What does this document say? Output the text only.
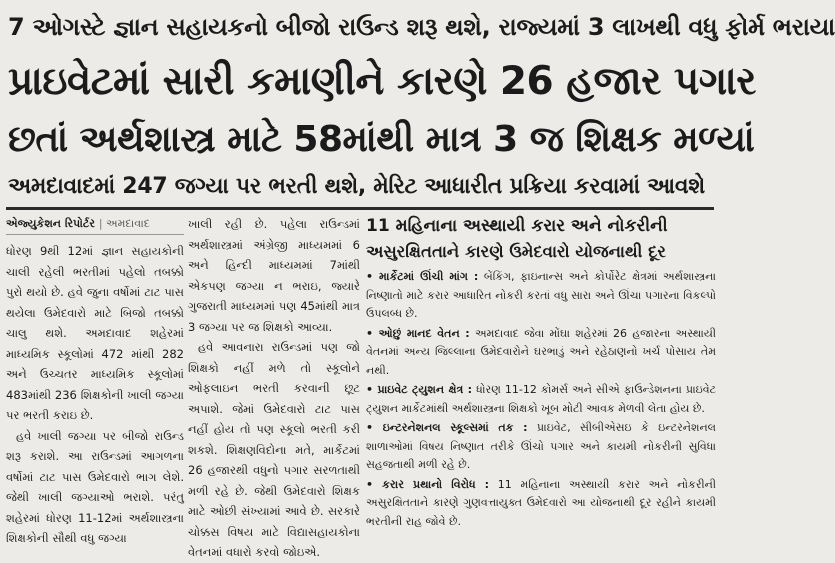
7 ઓગસ્ટે જ્ઞાન સહાયકનો બીજો રાઉન્ડ શરૂ થશે, રાજ્યમાં 3 લાખથી વધુ ફોર્મ ભરાયા
પ્રાઇવેટમાં સારી કમાણીને કારણે 26 હજાર પગાર
છતાં અર્થશાસ્ત્ર માટે 58માંથી માત્ર 3 જ શિક્ષક મળ્યાં
અમદાવાદમાં 247 જગ્યા પર ભરતી થશે, મેરિટ આધારીત પ્રક્રિયા કરવામાં આવશે
એજ્યુકેશન રિપોર્ટર | અમદાવાદ

ધોરણ 9થી 12માં જ્ઞાન સહાયકોની ચાલી રહેલી ભરતીમાં પહેલો તબક્કો પુરો થયો છે. હવે જુના વર્ષોમાં ટાટ પાસ થયેલા ઉમેદવારો માટે બિજો તબક્કો ચાલુ થશે. અમદાવાદ શહેરમાં માધ્યમિક સ્કૂલોમાં 472 માંથી 282 અને ઉચ્ચતર માધ્યમિક સ્કૂલોમાં 483માંથી 236 શિક્ષકોની ખાલી જગ્યા પર ભરતી કરાઇ છે.

હવે ખાલી જગ્યા પર બીજો રાઉન્ડ શરૂ કરાશે. આ રાઉન્ડમાં આગળના વર્ષોમાં ટાટ પાસ ઉમેદવારો ભાગ લેશે. જેથી ખાલી જગ્યાઓ ભરાશે. પરંતુ શહેરમાં ધોરણ 11-12માં અર્થશાસ્ત્રના શિક્ષકોની સૌથી વધુ જગ્યા

ખાલી રહી છે. પહેલા રાઉન્ડમાં અર્થશાસ્ત્રમાં અંગ્રેજી માધ્યમમાં 6 અને હિન્દી માધ્યમમાં 7માંથી એકપણ જગ્યા ન ભરાઇ, જ્યારે ગુજરાતી માધ્યમમાં પણ 45માંથી માત્ર 3 જગ્યા પર જ શિક્ષકો આવ્યા.

હવે આવનારા રાઉન્ડમાં પણ જો શિક્ષકો નહીં મળે તો સ્કૂલોને ઓફલાઇન ભરતી કરવાની છૂટ અપાશે. જેમાં ઉમેદવારો ટાટ પાસ નહીં હોય તો પણ સ્કૂલો ભરતી કરી શકશે. શિક્ષણવિદોના મતે, માર્કેટમાં 26 હજારથી વધુનો પગાર સરળતાથી મળી રહે છે. જેથી ઉમેદવારો શિક્ષક માટે ઓછી સંખ્યામાં આવે છે. સરકારે ચોક્કસ વિષય માટે વિદ્યાસહાયકોના વેતનમાં વધારો કરવો જોઇએ.

11 મહિનાના અસ્થાયી કરાર અને નોકરીની
અસુરક્ષિતતાને કારણે ઉમેદવારો યોજનાથી દૂર

• માર્કેટમાં ઊંચી માંગ : બેંકિંગ, ફાઇનાન્સ અને કોર્પોરેટ ક્ષેત્રમાં અર્થશાસ્ત્રના નિષ્ણાતો માટે કરાર આધારિત નોકરી કરતાં વધુ સારા અને ઊંચા પગારના વિકલ્પો ઉપલબ્ધ છે.

• ઓછું માનદ વેતન : અમદાવાદ જેવા મોંઘા શહેરમાં 26 હજારના અસ્થાયી વેતનમાં અન્ય જિલ્લાના ઉમેદવારોને ઘરભાડું અને રહેઠાણનો ખર્ચ પોસાય તેમ નથી.

• પ્રાઇવેટ ટ્યુશન ક્ષેત્ર : ધોરણ 11-12 કોમર્સ અને સીએ ફાઉન્ડેશનના પ્રાઇવેટ ટ્યુશન માર્કેટમાંથી અર્થશાસ્ત્રના શિક્ષકો ખૂબ મોટી આવક મેળવી લેતા હોય છે.

• ઇન્ટરનેશનલ સ્કૂલ્સમાં તક : પ્રાઇવેટ, સીબીએસઇ કે ઇન્ટરનેશનલ શાળાઓમાં વિષય નિષ્ણાત તરીકે ઊંચો પગાર અને કાયમી નોકરીની સુવિધા સહજતાથી મળી રહે છે.

• કરાર પ્રથાનો વિરોધ : 11 મહિનાના અસ્થાયી કરાર અને નોકરીની અસુરક્ષિતતાને કારણે ગુણવત્તાયુક્ત ઉમેદવારો આ યોજનાથી દૂર રહીને કાયમી ભરતીની રાહ જોવે છે.
